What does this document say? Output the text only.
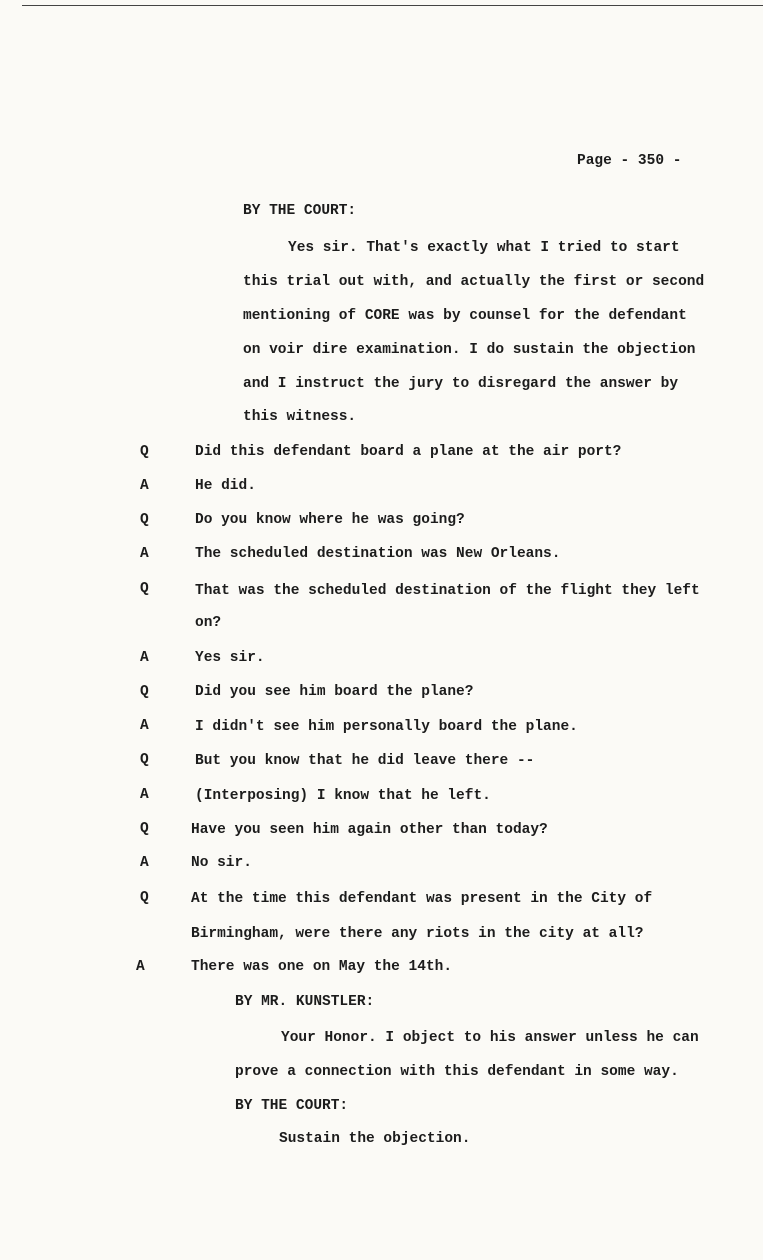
Page - 350 -
BY THE COURT:
Yes sir. That's exactly what I tried to start
this trial out with, and actually the first or second
mentioning of CORE was by counsel for the defendant
on voir dire examination. I do sustain the objection
and I instruct the jury to disregard the answer by
this witness.
Q	Did this defendant board a plane at the air port?
A	He did.
Q	Do you know where he was going?
A	The scheduled destination was New Orleans.
Q	That was the scheduled destination of the flight they left
on?
A	Yes sir.
Q	Did you see him board the plane?
A	I didn't see him personally board the plane.
Q	But you know that he did leave there --
A	(Interposing) I know that he left.
Q	Have you seen him again other than today?
A	No sir.
Q	At the time this defendant was present in the City of
Birmingham, were there any riots in the city at all?
A	There was one on May the 14th.
BY MR. KUNSTLER:
Your Honor. I object to his answer unless he can
prove a connection with this defendant in some way.
BY THE COURT:
Sustain the objection.
